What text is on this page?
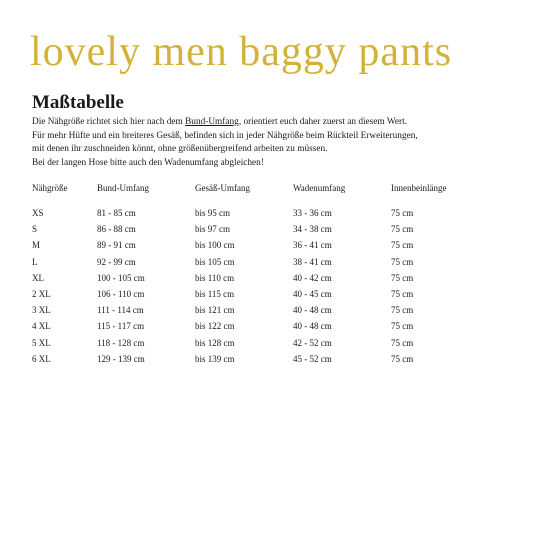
lovely men baggy pants
Maßtabelle
Die Nähgröße richtet sich hier nach dem Bund-Umfang, orientiert euch daher zuerst an diesem Wert.
Für mehr Hüfte und ein breiteres Gesäß, befinden sich in jeder Nähgröße beim Rückteil Erweiterungen,
mit denen ihr zuschneiden könnt, ohne größenübergreifend arbeiten zu müssen.
Bei der langen Hose bitte auch den Wadenumfang abgleichen!
Nähgröße	Bund-Umfang	Gesäß-Umfang	Wadenumfang	Innenbeinlänge
XS	81 - 85 cm	bis 95 cm	33 - 36 cm	75 cm
S	86 - 88 cm	bis 97 cm	34 - 38 cm	75 cm
M	89 - 91 cm	bis 100 cm	36 - 41 cm	75 cm
L	92 - 99 cm	bis 105 cm	38 - 41 cm	75 cm
XL	100 - 105 cm	bis 110 cm	40 - 42 cm	75 cm
2 XL	106 - 110 cm	bis 115 cm	40 - 45 cm	75 cm
3 XL	111 - 114 cm	bis 121 cm	40 - 48 cm	75 cm
4 XL	115 - 117 cm	bis 122 cm	40 - 48 cm	75 cm
5 XL	118 - 128 cm	bis 128 cm	42 - 52 cm	75 cm
6 XL	129 - 139 cm	bis 139 cm	45 - 52 cm	75 cm
